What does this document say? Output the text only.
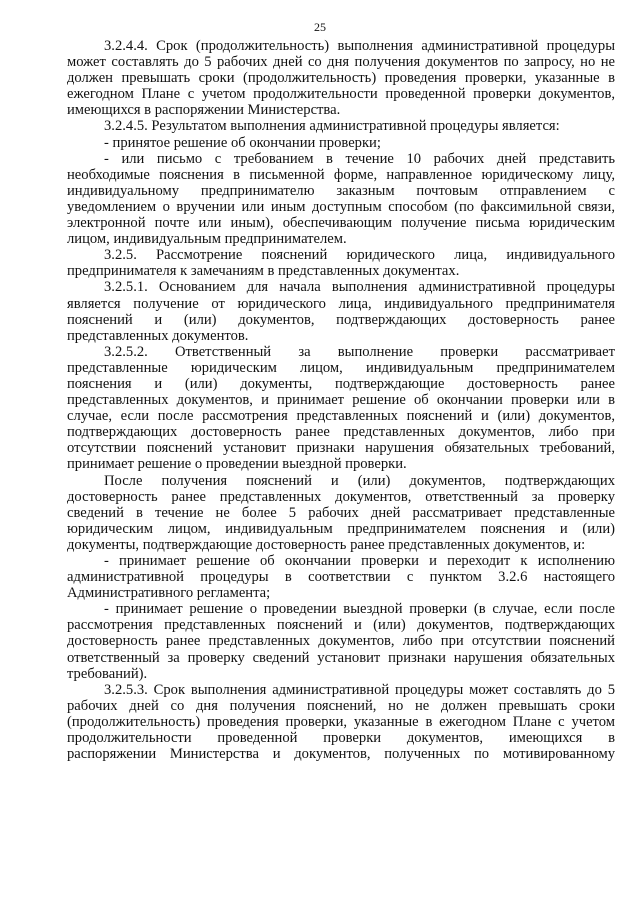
25
3.2.4.4. Срок (продолжительность) выполнения административной процедуры
может составлять до 5 рабочих дней со дня получения документов по запросу, но не
должен превышать сроки (продолжительность) проведения проверки, указанные в
ежегодном Плане с учетом продолжительности проведенной проверки документов,
имеющихся в распоряжении Министерства.
3.2.4.5. Результатом выполнения административной процедуры является:
- принятое решение об окончании проверки;
- или письмо с требованием в течение 10 рабочих дней представить
необходимые пояснения в письменной форме, направленное юридическому лицу,
индивидуальному предпринимателю заказным почтовым отправлением с
уведомлением о вручении или иным доступным способом (по факсимильной связи,
электронной почте или иным), обеспечивающим получение письма юридическим
лицом, индивидуальным предпринимателем.
3.2.5. Рассмотрение пояснений юридического лица, индивидуального
предпринимателя к замечаниям в представленных документах.
3.2.5.1. Основанием для начала выполнения административной процедуры
является получение от юридического лица, индивидуального предпринимателя
пояснений и (или) документов, подтверждающих достоверность ранее
представленных документов.
3.2.5.2. Ответственный за выполнение проверки рассматривает
представленные юридическим лицом, индивидуальным предпринимателем
пояснения и (или) документы, подтверждающие достоверность ранее
представленных документов, и принимает решение об окончании проверки или в
случае, если после рассмотрения представленных пояснений и (или) документов,
подтверждающих достоверность ранее представленных документов, либо при
отсутствии пояснений установит признаки нарушения обязательных требований,
принимает решение о проведении выездной проверки.
После получения пояснений и (или) документов, подтверждающих
достоверность ранее представленных документов, ответственный за проверку
сведений в течение не более 5 рабочих дней рассматривает представленные
юридическим лицом, индивидуальным предпринимателем пояснения и (или)
документы, подтверждающие достоверность ранее представленных документов, и:
- принимает решение об окончании проверки и переходит к исполнению
административной процедуры в соответствии с пунктом 3.2.6 настоящего
Административного регламента;
- принимает решение о проведении выездной проверки (в случае, если после
рассмотрения представленных пояснений и (или) документов, подтверждающих
достоверность ранее представленных документов, либо при отсутствии пояснений
ответственный за проверку сведений установит признаки нарушения обязательных
требований).
3.2.5.3. Срок выполнения административной процедуры может составлять до 5
рабочих дней со дня получения пояснений, но не должен превышать сроки
(продолжительность) проведения проверки, указанные в ежегодном Плане с учетом
продолжительности проведенной проверки документов, имеющихся в
распоряжении Министерства и документов, полученных по мотивированному
